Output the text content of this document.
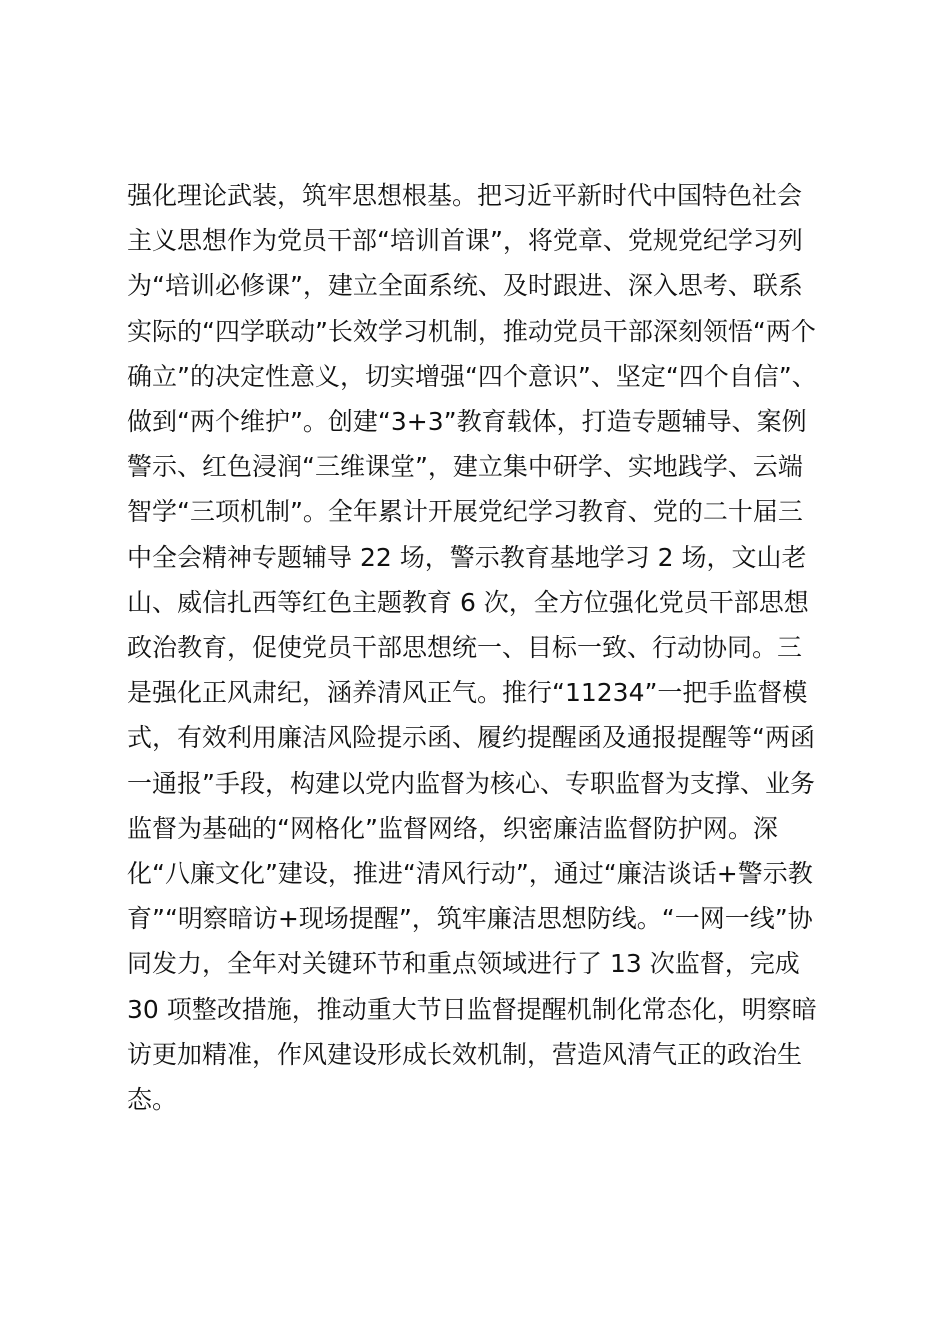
强化理论武装，筑牢思想根基。把习近平新时代中国特色社会
主义思想作为党员干部“培训首课”，将党章、党规党纪学习列
为“培训必修课”，建立全面系统、及时跟进、深入思考、联系
实际的“四学联动”长效学习机制，推动党员干部深刻领悟“两个
确立”的决定性意义，切实增强“四个意识”、坚定“四个自信”、
做到“两个维护”。创建“3+3”教育载体，打造专题辅导、案例
警示、红色浸润“三维课堂”，建立集中研学、实地践学、云端
智学“三项机制”。全年累计开展党纪学习教育、党的二十届三
中全会精神专题辅导 22 场，警示教育基地学习 2 场，文山老
山、威信扎西等红色主题教育 6 次，全方位强化党员干部思想
政治教育，促使党员干部思想统一、目标一致、行动协同。三
是强化正风肃纪，涵养清风正气。推行“11234”一把手监督模
式，有效利用廉洁风险提示函、履约提醒函及通报提醒等“两函
一通报”手段，构建以党内监督为核心、专职监督为支撑、业务
监督为基础的“网格化”监督网络，织密廉洁监督防护网。深
化“八廉文化”建设，推进“清风行动”，通过“廉洁谈话+警示教
育”“明察暗访+现场提醒”，筑牢廉洁思想防线。“一网一线”协
同发力，全年对关键环节和重点领域进行了 13 次监督，完成
30 项整改措施，推动重大节日监督提醒机制化常态化，明察暗
访更加精准，作风建设形成长效机制，营造风清气正的政治生
态。
